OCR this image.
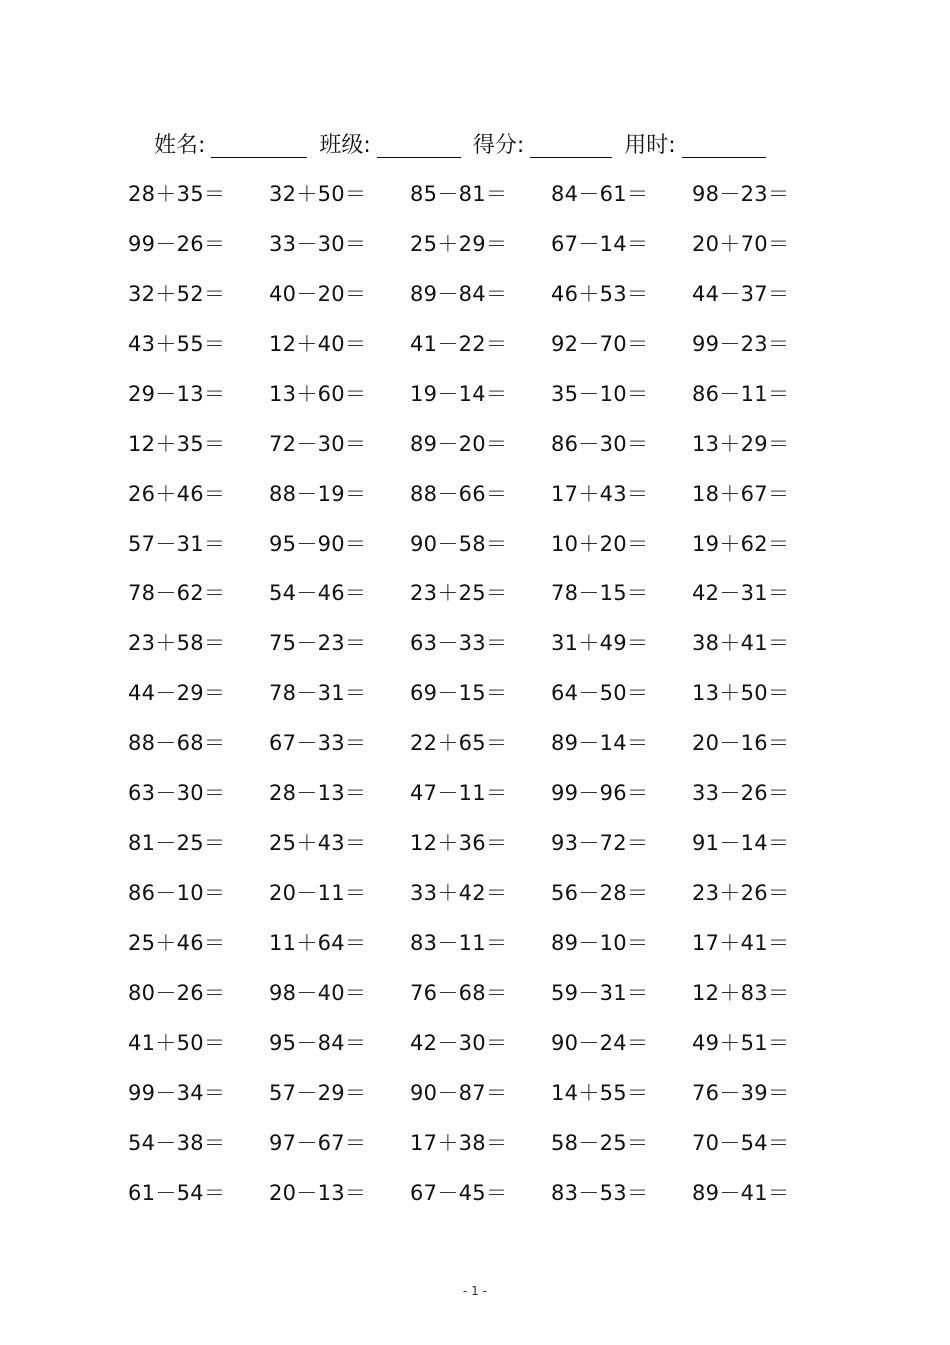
姓名:	班级:	得分:	用时:
28＋35＝	32＋50＝	85－81＝	84－61＝	98－23＝
99－26＝	33－30＝	25＋29＝	67－14＝	20＋70＝
32＋52＝	40－20＝	89－84＝	46＋53＝	44－37＝
43＋55＝	12＋40＝	41－22＝	92－70＝	99－23＝
29－13＝	13＋60＝	19－14＝	35－10＝	86－11＝
12＋35＝	72－30＝	89－20＝	86－30＝	13＋29＝
26＋46＝	88－19＝	88－66＝	17＋43＝	18＋67＝
57－31＝	95－90＝	90－58＝	10＋20＝	19＋62＝
78－62＝	54－46＝	23＋25＝	78－15＝	42－31＝
23＋58＝	75－23＝	63－33＝	31＋49＝	38＋41＝
44－29＝	78－31＝	69－15＝	64－50＝	13＋50＝
88－68＝	67－33＝	22＋65＝	89－14＝	20－16＝
63－30＝	28－13＝	47－11＝	99－96＝	33－26＝
81－25＝	25＋43＝	12＋36＝	93－72＝	91－14＝
86－10＝	20－11＝	33＋42＝	56－28＝	23＋26＝
25＋46＝	11＋64＝	83－11＝	89－10＝	17＋41＝
80－26＝	98－40＝	76－68＝	59－31＝	12＋83＝
41＋50＝	95－84＝	42－30＝	90－24＝	49＋51＝
99－34＝	57－29＝	90－87＝	14＋55＝	76－39＝
54－38＝	97－67＝	17＋38＝	58－25＝	70－54＝
61－54＝	20－13＝	67－45＝	83－53＝	89－41＝
- 1 -
